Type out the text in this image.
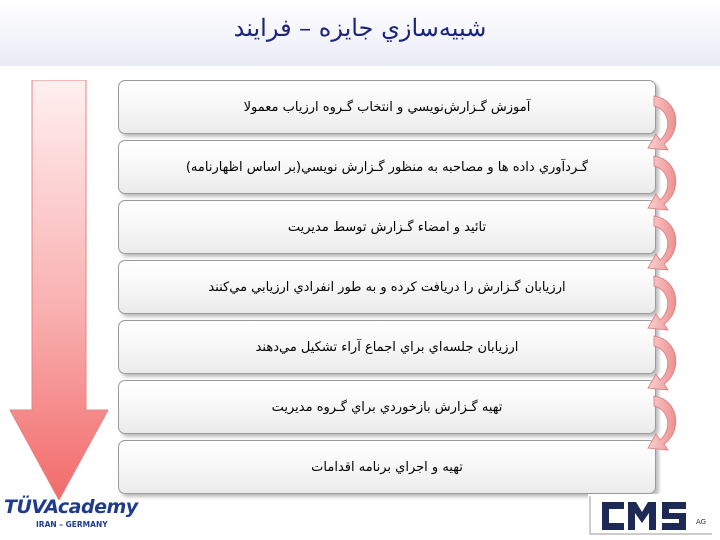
شبيه‌سازي جايزه – فرايند
آموزش گـزارش‌نويسي و انتخاب گـروه ارزياب معمولا
گـردآوري داده ها و مصاحبه به منظور گـزارش نويسي(بر اساس اظهارنامه)
تائيد و امضاء گـزارش توسط مديريت
ارزيابان گـزارش را دريافت كرده و به طور انفرادي ارزيابي مي‌كنند
ارزيابان جلسه‌اي براي اجماع آراء تشكيل مي‌دهند
تهيه گـزارش بازخوردي براي گـروه مديريت
تهيه و اجراي برنامه اقدامات
TÜVAcademy
IRAN – GERMANY	AG
